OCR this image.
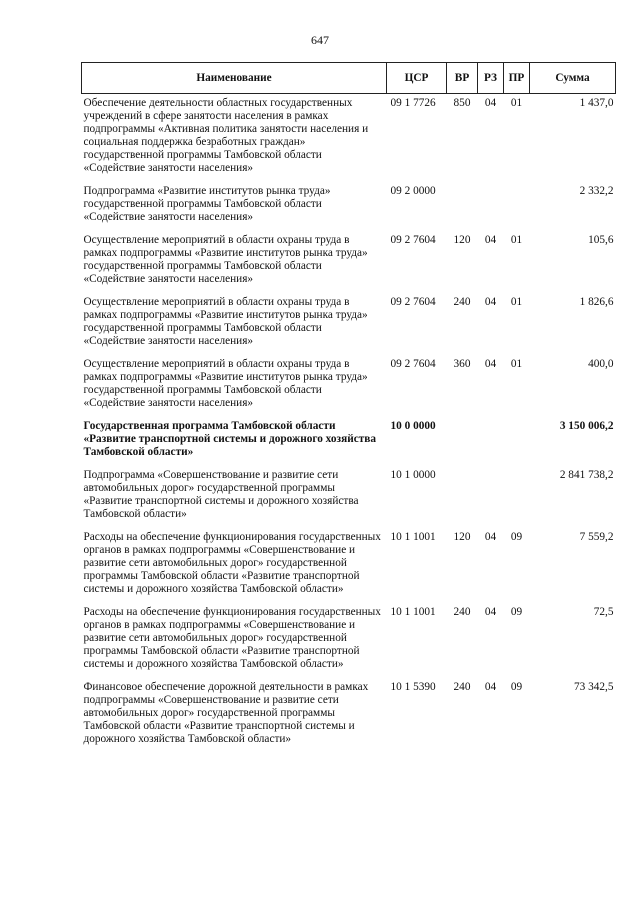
647
Наименование	ЦСР	ВР	РЗ	ПР	Сумма
Обеспечение деятельности областных государственных учреждений в сфере занятости населения в рамках подпрограммы «Активная политика занятости населения и социальная поддержка безработных граждан» государственной программы Тамбовской области «Содействие занятости населения»	09 1 7726	850	04	01	1 437,0
Подпрограмма «Развитие институтов рынка труда» государственной программы Тамбовской области «Содействие занятости населения»	09 2 0000				2 332,2
Осуществление мероприятий в области охраны труда в рамках подпрограммы «Развитие институтов рынка труда» государственной программы Тамбовской области «Содействие занятости населения»	09 2 7604	120	04	01	105,6
Осуществление мероприятий в области охраны труда в рамках подпрограммы «Развитие институтов рынка труда» государственной программы Тамбовской области «Содействие занятости населения»	09 2 7604	240	04	01	1 826,6
Осуществление мероприятий в области охраны труда в рамках подпрограммы «Развитие институтов рынка труда» государственной программы Тамбовской области «Содействие занятости населения»	09 2 7604	360	04	01	400,0
Государственная программа Тамбовской области «Развитие транспортной системы и дорожного хозяйства Тамбовской области»	10 0 0000				3 150 006,2
Подпрограмма «Совершенствование и развитие сети автомобильных дорог» государственной программы «Развитие транспортной системы и дорожного хозяйства Тамбовской области»	10 1 0000				2 841 738,2
Расходы на обеспечение функционирования государственных органов в рамках подпрограммы «Совершенствование и развитие сети автомобильных дорог» государственной программы Тамбовской области «Развитие транспортной системы и дорожного хозяйства Тамбовской области»	10 1 1001	120	04	09	7 559,2
Расходы на обеспечение функционирования государственных органов в рамках подпрограммы «Совершенствование и развитие сети автомобильных дорог» государственной программы Тамбовской области «Развитие транспортной системы и дорожного хозяйства Тамбовской области»	10 1 1001	240	04	09	72,5
Финансовое обеспечение дорожной деятельности в рамках подпрограммы «Совершенствование и развитие сети автомобильных дорог» государственной программы Тамбовской области «Развитие транспортной системы и дорожного хозяйства Тамбовской области»	10 1 5390	240	04	09	73 342,5
